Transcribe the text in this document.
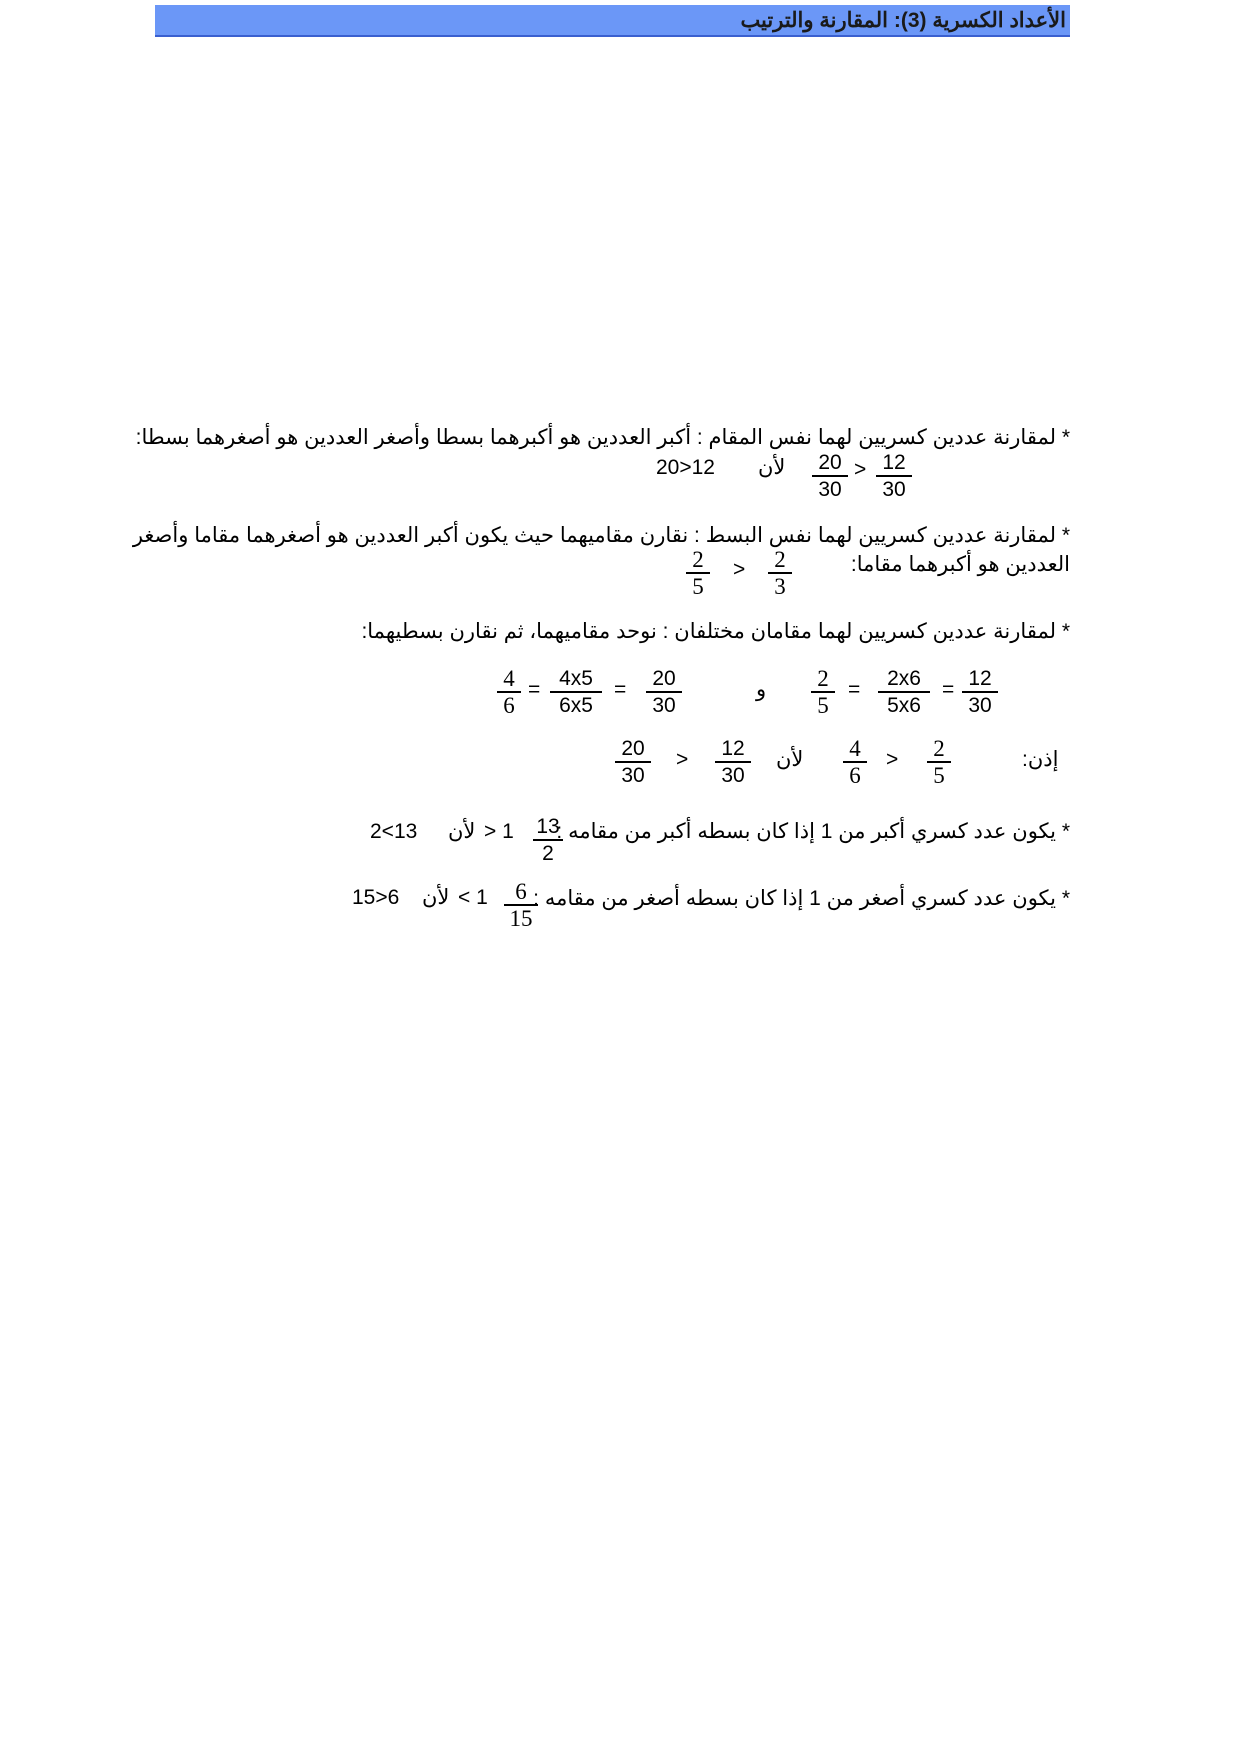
الأعداد الكسرية (3): المقارنة والترتيب
* لمقارنة عددين كسريين لهما نفس المقام : أكبر العددين هو أكبرهما بسطا وأصغر العددين هو أصغرهما بسطا:
20>12 لأن 20
30
> 12
30
* لمقارنة عددين كسريين لهما نفس البسط : نقارن مقاميهما حيث يكون أكبر العددين هو أصغرهما مقاما وأصغر
العددين هو أكبرهما مقاما:
2
5
> 2
3
* لمقارنة عددين كسريين لهما مقامان مختلفان : نوحد مقاميهما، ثم نقارن بسطيهما:
4
6
= 4x5
6x5
= 20
30
و 2
5
= 2x6
5x6
= 12
30
إذن:
2
5
>
4
6
لأن
12
30
>
20
30
* يكون عدد كسري أكبر من 1 إذا كان بسطه أكبر من مقامه :
13
2
> 1
لأن
2<13
* يكون عدد كسري أصغر من 1 إذا كان بسطه أصغر من مقامه :
6
15
< 1
لأن
15>6
